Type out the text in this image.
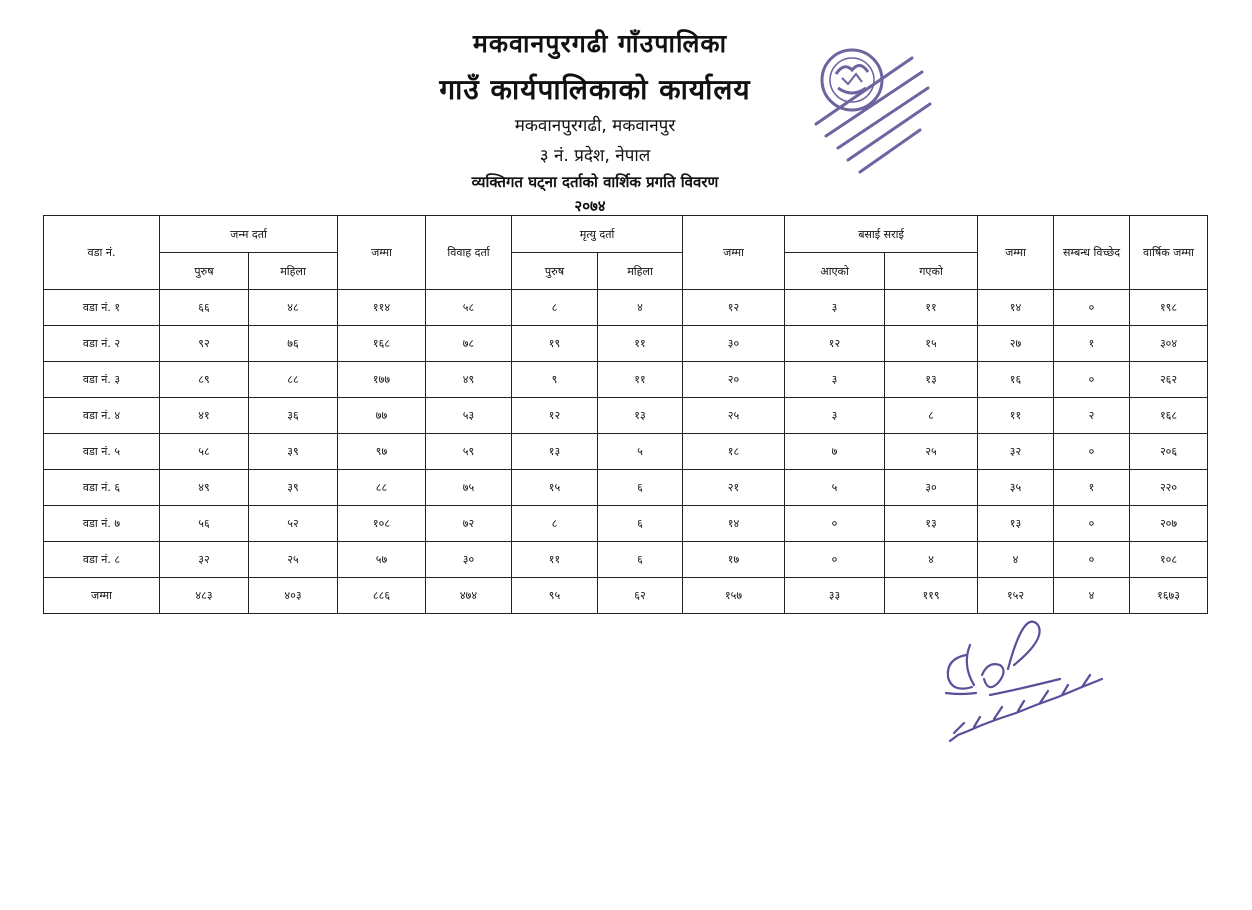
मकवानपुरगढी गाँउपालिका
गाउँ कार्यपालिकाको कार्यालय
मकवानपुरगढी, मकवानपुर
३ नं. प्रदेश, नेपाल
व्यक्तिगत घट्ना दर्ताको वार्शिक प्रगति विवरण
२०७४
वडा नं.	जन्म दर्ता		जम्मा	विवाह दर्ता	मृत्यु दर्ता		जम्मा	बसाई सराई		जम्मा	सम्बन्ध विच्छेद	वार्षिक जम्मा
	पुरुष	महिला			पुरुष	महिला		आएको	गएको			
वडा नं. १	६६	४८	११४	५८	८	४	१२	३	११	१४	०	१९८
वडा नं. २	९२	७६	१६८	७८	१९	११	३०	१२	१५	२७	१	३०४
वडा नं. ३	८९	८८	१७७	४९	९	११	२०	३	१३	१६	०	२६२
वडा नं. ४	४१	३६	७७	५३	१२	१३	२५	३	८	११	२	१६८
वडा नं. ५	५८	३९	९७	५९	१३	५	१८	७	२५	३२	०	२०६
वडा नं. ६	४९	३९	८८	७५	१५	६	२१	५	३०	३५	१	२२०
वडा नं. ७	५६	५२	१०८	७२	८	६	१४	०	१३	१३	०	२०७
वडा नं. ८	३२	२५	५७	३०	११	६	१७	०	४	४	०	१०८
जम्मा	४८३	४०३	८८६	४७४	९५	६२	१५७	३३	११९	१५२	४	१६७३
